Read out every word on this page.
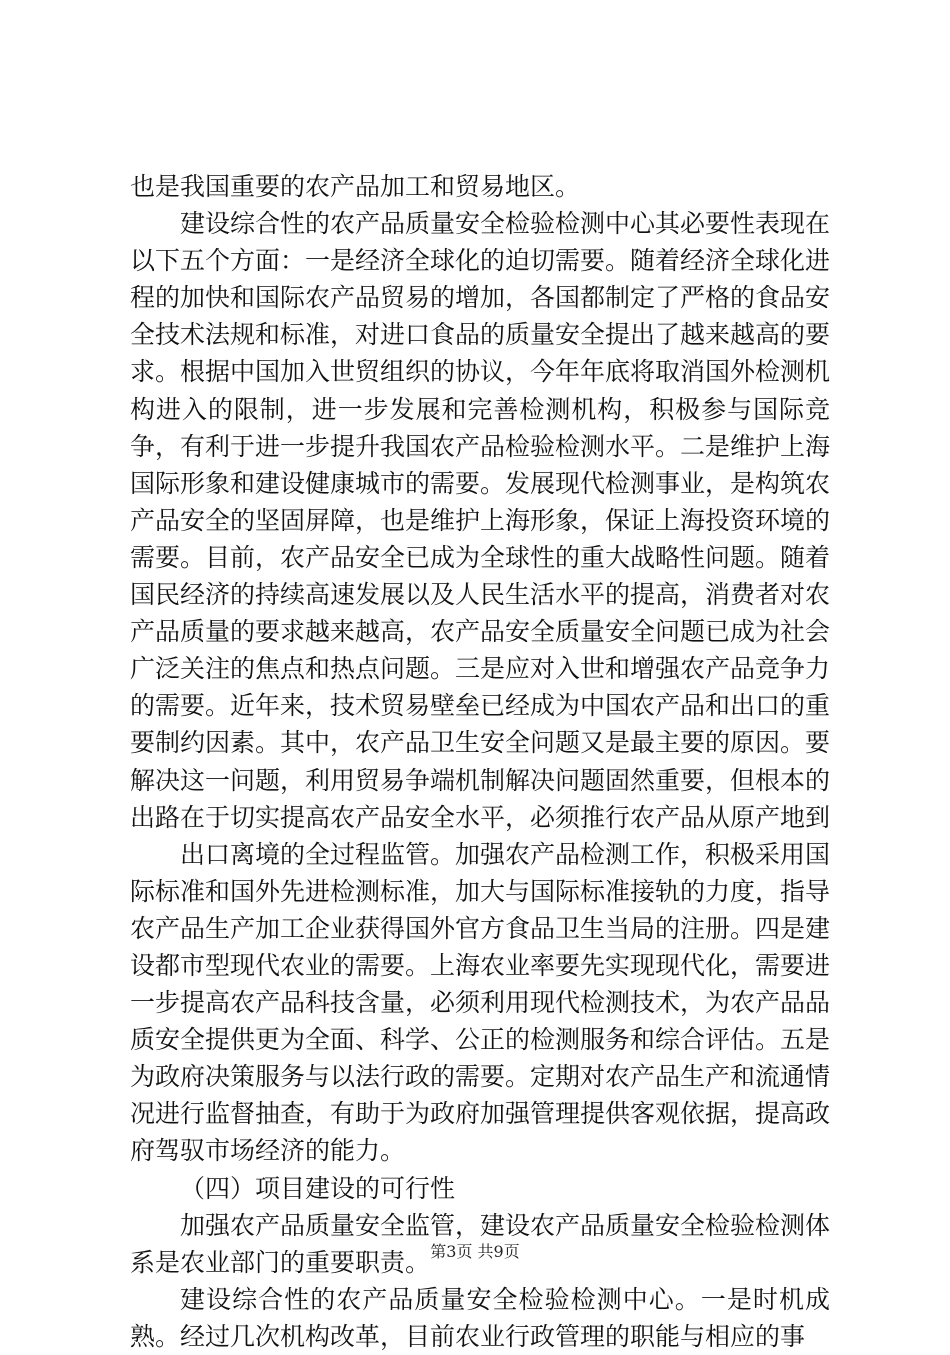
也是我国重要的农产品加工和贸易地区。

建设综合性的农产品质量安全检验检测中心其必要性表现在以下五个方面：一是经济全球化的迫切需要。随着经济全球化进程的加快和国际农产品贸易的增加，各国都制定了严格的食品安全技术法规和标准，对进口食品的质量安全提出了越来越高的要求。根据中国加入世贸组织的协议，今年年底将取消国外检测机构进入的限制，进一步发展和完善检测机构，积极参与国际竞争，有利于进一步提升我国农产品检验检测水平。二是维护上海国际形象和建设健康城市的需要。发展现代检测事业，是构筑农产品安全的坚固屏障，也是维护上海形象，保证上海投资环境的需要。目前，农产品安全已成为全球性的重大战略性问题。随着国民经济的持续高速发展以及人民生活水平的提高，消费者对农产品质量的要求越来越高，农产品安全质量安全问题已成为社会广泛关注的焦点和热点问题。三是应对入世和增强农产品竞争力的需要。近年来，技术贸易壁垒已经成为中国农产品和出口的重要制约因素。其中，农产品卫生安全问题又是最主要的原因。要解决这一问题，利用贸易争端机制解决问题固然重要，但根本的出路在于切实提高农产品安全水平，必须推行农产品从原产地到

出口离境的全过程监管。加强农产品检测工作，积极采用国际标准和国外先进检测标准，加大与国际标准接轨的力度，指导农产品生产加工企业获得国外官方食品卫生当局的注册。四是建设都市型现代农业的需要。上海农业率要先实现现代化，需要进一步提高农产品科技含量，必须利用现代检测技术，为农产品品质安全提供更为全面、科学、公正的检测服务和综合评估。五是为政府决策服务与以法行政的需要。定期对农产品生产和流通情况进行监督抽查，有助于为政府加强管理提供客观依据，提高政府驾驭市场经济的能力。

（四）项目建设的可行性

加强农产品质量安全监管，建设农产品质量安全检验检测体系是农业部门的重要职责。

建设综合性的农产品质量安全检验检测中心。一是时机成熟。经过几次机构改革，目前农业行政管理的职能与相应的事

第3页 共9页
